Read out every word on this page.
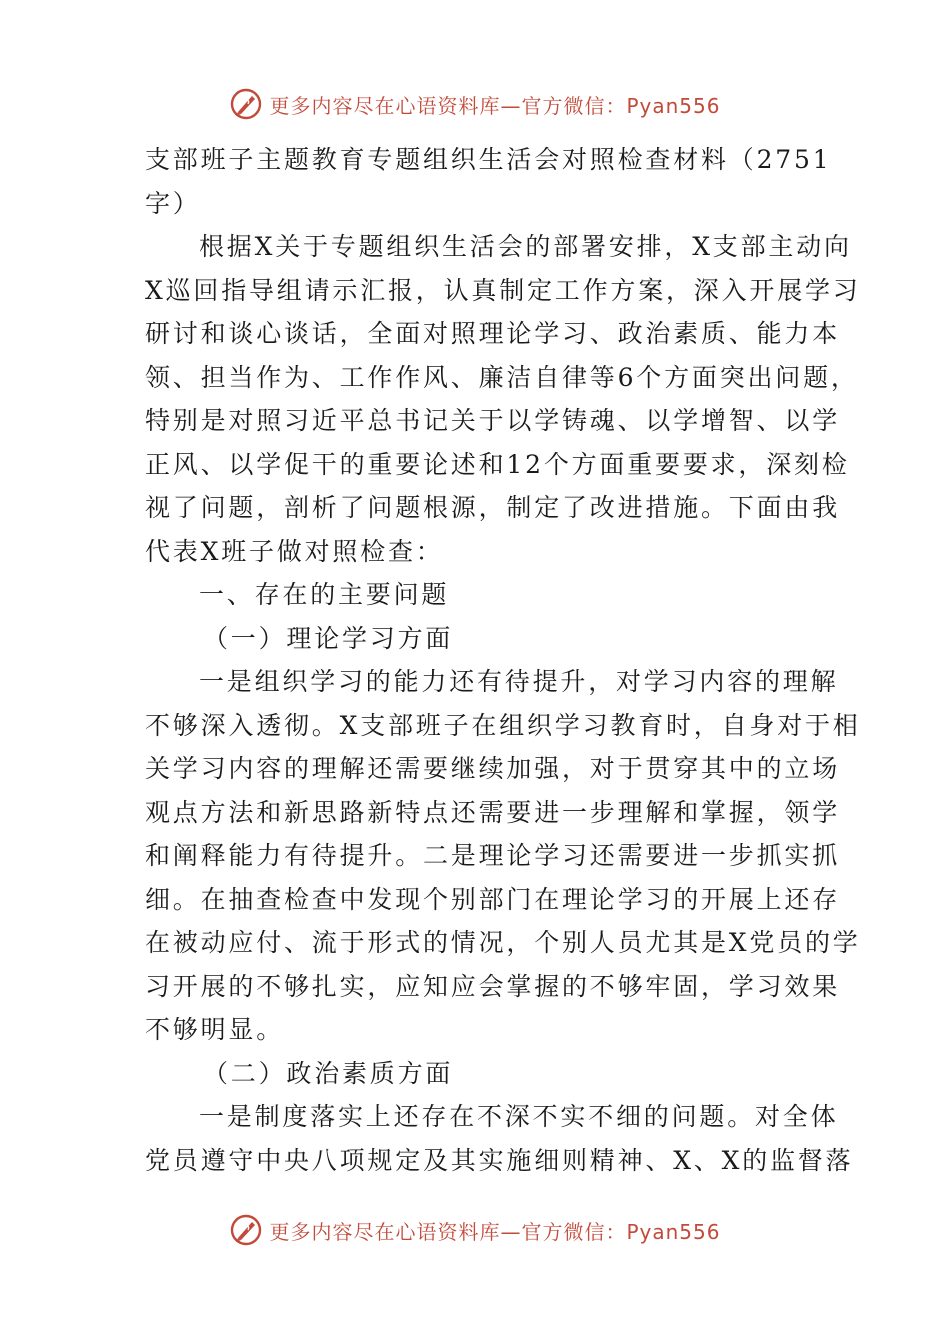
更多内容尽在心语资料库—官方微信：Pyan556
支部班子主题教育专题组织生活会对照检查材料（2751
字）
根据X关于专题组织生活会的部署安排，X支部主动向
X巡回指导组请示汇报，认真制定工作方案，深入开展学习
研讨和谈心谈话，全面对照理论学习、政治素质、能力本
领、担当作为、工作作风、廉洁自律等6个方面突出问题，
特别是对照习近平总书记关于以学铸魂、以学增智、以学
正风、以学促干的重要论述和12个方面重要要求，深刻检
视了问题，剖析了问题根源，制定了改进措施。下面由我
代表X班子做对照检查：
一、存在的主要问题
（一）理论学习方面
一是组织学习的能力还有待提升，对学习内容的理解
不够深入透彻。X支部班子在组织学习教育时，自身对于相
关学习内容的理解还需要继续加强，对于贯穿其中的立场
观点方法和新思路新特点还需要进一步理解和掌握，领学
和阐释能力有待提升。二是理论学习还需要进一步抓实抓
细。在抽查检查中发现个别部门在理论学习的开展上还存
在被动应付、流于形式的情况，个别人员尤其是X党员的学
习开展的不够扎实，应知应会掌握的不够牢固，学习效果
不够明显。
（二）政治素质方面
一是制度落实上还存在不深不实不细的问题。对全体
党员遵守中央八项规定及其实施细则精神、X、X的监督落
更多内容尽在心语资料库—官方微信：Pyan556
